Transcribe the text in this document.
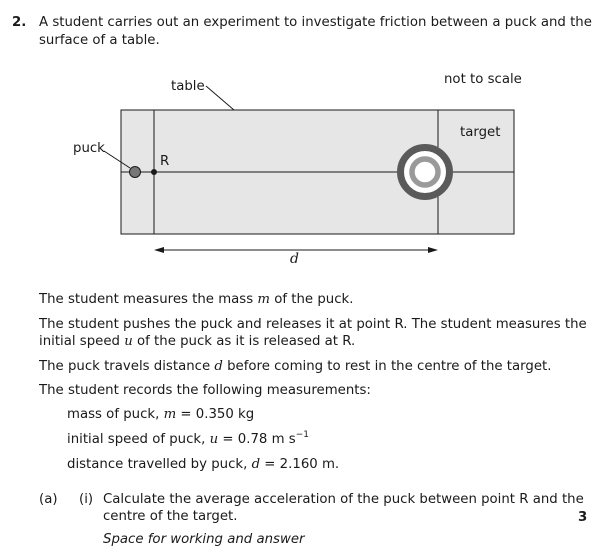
2. A student carries out an experiment to investigate friction between a puck and the
surface of a table.
table	not to scale
target
puck
R
d
The student measures the mass m of the puck.
The student pushes the puck and releases it at point R. The student measures the
initial speed u of the puck as it is released at R.
The puck travels distance d before coming to rest in the centre of the target.
The student records the following measurements:
mass of puck, m = 0.350 kg
initial speed of puck, u = 0.78 m $s^{-1}$
distance travelled by puck, d = 2.160 m.
(a) (i) Calculate the average acceleration of the puck between point R and the
centre of the target.	3
Space for working and answer
